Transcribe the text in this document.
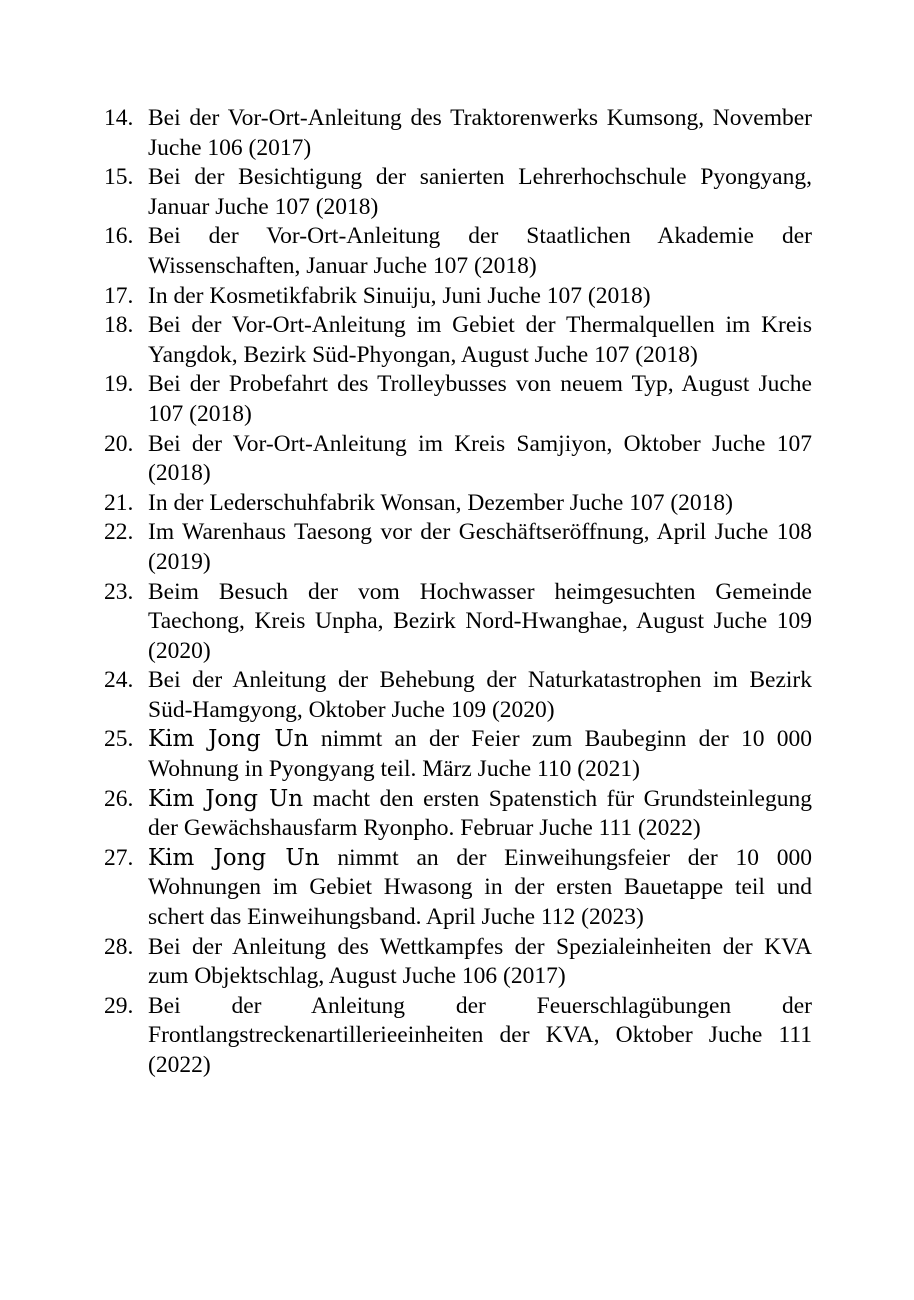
14. Bei der Vor-Ort-Anleitung des Traktorenwerks Kumsong, November Juche 106 (2017)
15. Bei der Besichtigung der sanierten Lehrerhochschule Pyongyang, Januar Juche 107 (2018)
16. Bei der Vor-Ort-Anleitung der Staatlichen Akademie der Wissenschaften, Januar Juche 107 (2018)
17. In der Kosmetikfabrik Sinuiju, Juni Juche 107 (2018)
18. Bei der Vor-Ort-Anleitung im Gebiet der Thermalquellen im Kreis Yangdok, Bezirk Süd-Phyongan, August Juche 107 (2018)
19. Bei der Probefahrt des Trolleybusses von neuem Typ, August Juche 107 (2018)
20. Bei der Vor-Ort-Anleitung im Kreis Samjiyon, Oktober Juche 107 (2018)
21. In der Lederschuhfabrik Wonsan, Dezember Juche 107 (2018)
22. Im Warenhaus Taesong vor der Geschäftseröffnung, April Juche 108 (2019)
23. Beim Besuch der vom Hochwasser heimgesuchten Gemeinde Taechong, Kreis Unpha, Bezirk Nord-Hwanghae, August Juche 109 (2020)
24. Bei der Anleitung der Behebung der Naturkatastrophen im Bezirk Süd-Hamgyong, Oktober Juche 109 (2020)
25. Kim Jong Un nimmt an der Feier zum Baubeginn der 10 000 Wohnung in Pyongyang teil. März Juche 110 (2021)
26. Kim Jong Un macht den ersten Spatenstich für Grundsteinlegung der Gewächshausfarm Ryonpho. Februar Juche 111 (2022)
27. Kim Jong Un nimmt an der Einweihungsfeier der 10 000 Wohnungen im Gebiet Hwasong in der ersten Bauetappe teil und schert das Einweihungsband. April Juche 112 (2023)
28. Bei der Anleitung des Wettkampfes der Spezialeinheiten der KVA zum Objektschlag, August Juche 106 (2017)
29. Bei der Anleitung der Feuerschlagübungen der Frontlangstreckenartillerieeinheiten der KVA, Oktober Juche 111 (2022)
